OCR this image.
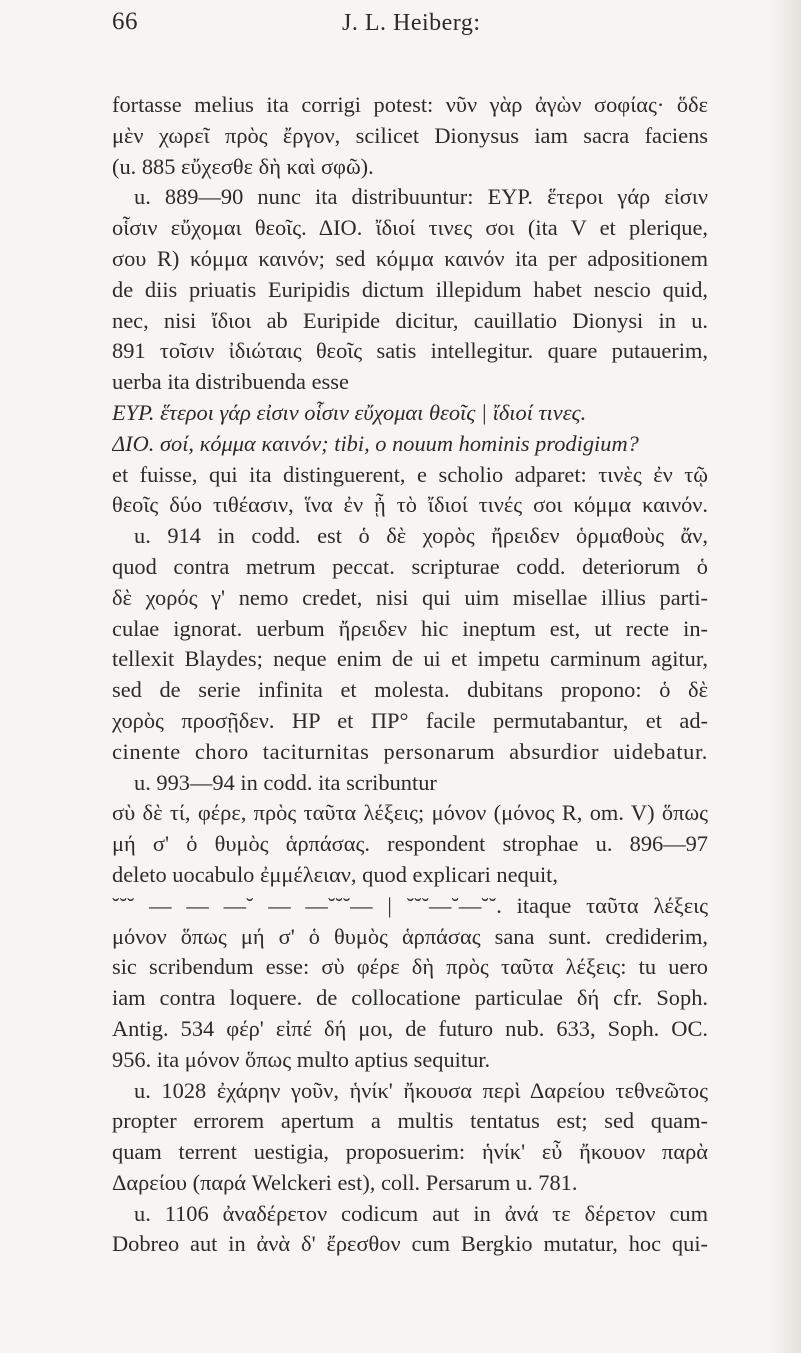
66	J. L. Heiberg:
fortasse melius ita corrigi potest: νῦν γὰρ ἀγὼν σοφίας· ὅδε
μὲν χωρεῖ πρὸς ἔργον, scilicet Dionysus iam sacra faciens
(u. 885 εὔχεσθε δὴ καὶ σφῶ).
u. 889—90 nunc ita distribuuntur: EYP. ἕτεροι γάρ εἰσιν
οἷσιν εὔχομαι θεοῖς. ΔΙΟ. ἴδιοί τινες σοι (ita V et plerique,
σου R) κόμμα καινόν; sed κόμμα καινόν ita per adpositionem
de diis priuatis Euripidis dictum illepidum habet nescio quid,
nec, nisi ἴδιοι ab Euripide dicitur, cauillatio Dionysi in u.
891 τοῖσιν ἰδιώταις θεοῖς satis intellegitur. quare putauerim,
uerba ita distribuenda esse
EYP. ἕτεροι γάρ εἰσιν οἷσιν εὔχομαι θεοῖς | ἴδιοί τινες.
ΔΙΟ. σοί, κόμμα καινόν; tibi, o nouum hominis prodigium?
et fuisse, qui ita distinguerent, e scholio adparet: τινὲς ἐν τῷ
θεοῖς δύο τιθέασιν, ἵνα ἐν ᾖ τὸ ἴδιοί τινές σοι κόμμα καινόν.
u. 914 in codd. est ὁ δὲ χορὸς ἤρειδεν ὁρμαθοὺς ἄν,
quod contra metrum peccat. scripturae codd. deteriorum ὁ
δὲ χορός γ' nemo credet, nisi qui uim misellae illius parti-
culae ignorat. uerbum ἤρειδεν hic ineptum est, ut recte in-
tellexit Blaydes; neque enim de ui et impetu carminum agitur,
sed de serie infinita et molesta. dubitans propono: ὁ δὲ
χορὸς προσῇδεν. HP et ΠP° facile permutabantur, et ad-
cinente choro taciturnitas personarum absurdior uidebatur.
u. 993—94 in codd. ita scribuntur
σὺ δὲ τί, φέρε, πρὸς ταῦτα λέξεις; μόνον (μόνος R, om. V) ὅπως
μή σ' ὁ θυμὸς ἁρπάσας. respondent strophae u. 896—97
deleto uocabulo ἐμμέλειαν, quod explicari nequit,
˘˘˘ — — —˘ — —˘˘˘— | ˘˘˘—˘—˘˘. itaque ταῦτα λέξεις
μόνον ὅπως μή σ' ὁ θυμὸς ἁρπάσας sana sunt. crediderim,
sic scribendum esse: σὺ φέρε δὴ πρὸς ταῦτα λέξεις: tu uero
iam contra loquere. de collocatione particulae δή cfr. Soph.
Antig. 534 φέρ' εἰπέ δή μοι, de futuro nub. 633, Soph. OC.
956. ita μόνον ὅπως multo aptius sequitur.
u. 1028 ἐχάρην γοῦν, ἡνίκ' ἤκουσα περὶ Δαρείου τεθνεῶτος
propter errorem apertum a multis tentatus est; sed quam-
quam terrent uestigia, proposuerim: ἡνίκ' εὖ ἤκουον παρὰ
Δαρείου (παρά Welckeri est), coll. Persarum u. 781.
u. 1106 ἀναδέρετον codicum aut in ἀνά τε δέρετον cum
Dobreo aut in ἀνὰ δ' ἔρεσθον cum Bergkio mutatur, hoc qui-
